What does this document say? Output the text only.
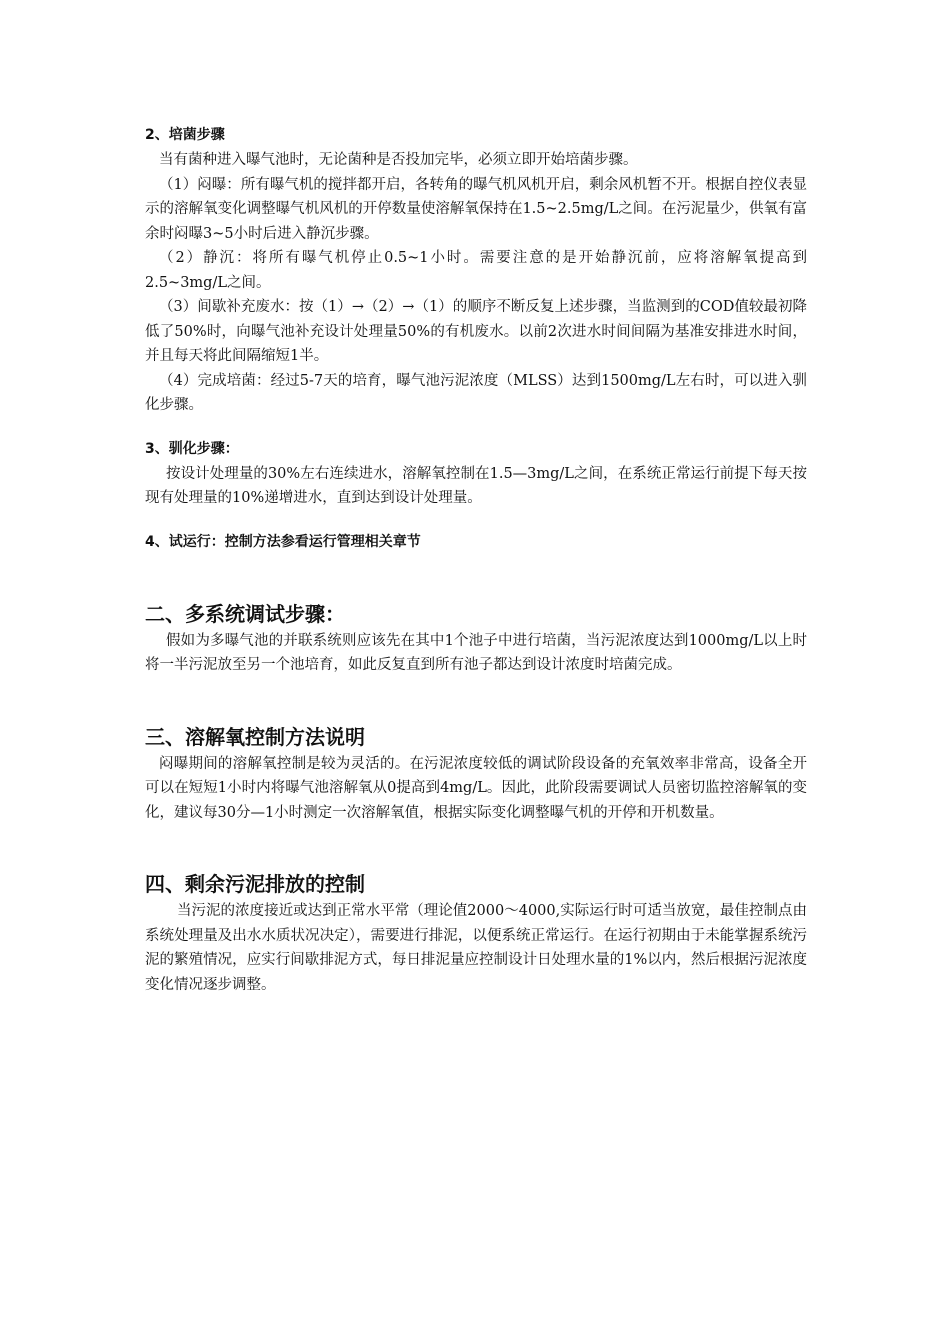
2、培菌步骤

当有菌种进入曝气池时，无论菌种是否投加完毕，必须立即开始培菌步骤。

（1）闷曝：所有曝气机的搅拌都开启，各转角的曝气机风机开启，剩余风机暂不开。根据自控仪表显示的溶解氧变化调整曝气机风机的开停数量使溶解氧保持在1.5~2.5mg/L之间。在污泥量少，供氧有富余时闷曝3~5小时后进入静沉步骤。

（2）静沉：将所有曝气机停止0.5~1小时。需要注意的是开始静沉前，应将溶解氧提高到2.5~3mg/L之间。

（3）间歇补充废水：按（1）→（2）→（1）的顺序不断反复上述步骤，当监测到的COD值较最初降低了50%时，向曝气池补充设计处理量50%的有机废水。以前2次进水时间间隔为基准安排进水时间，并且每天将此间隔缩短1半。

（4）完成培菌：经过5-7天的培育，曝气池污泥浓度（MLSS）达到1500mg/L左右时，可以进入驯化步骤。

3、驯化步骤：

按设计处理量的30%左右连续进水，溶解氧控制在1.5—3mg/L之间，在系统正常运行前提下每天按现有处理量的10%递增进水，直到达到设计处理量。

4、试运行：控制方法参看运行管理相关章节
二、多系统调试步骤：

假如为多曝气池的并联系统则应该先在其中1个池子中进行培菌，当污泥浓度达到1000mg/L以上时将一半污泥放至另一个池培育，如此反复直到所有池子都达到设计浓度时培菌完成。

三、溶解氧控制方法说明

闷曝期间的溶解氧控制是较为灵活的。在污泥浓度较低的调试阶段设备的充氧效率非常高，设备全开可以在短短1小时内将曝气池溶解氧从0提高到4mg/L。因此，此阶段需要调试人员密切监控溶解氧的变化，建议每30分—1小时测定一次溶解氧值，根据实际变化调整曝气机的开停和开机数量。

四、剩余污泥排放的控制

当污泥的浓度接近或达到正常水平常（理论值2000～4000,实际运行时可适当放宽，最佳控制点由系统处理量及出水水质状况决定），需要进行排泥，以便系统正常运行。在运行初期由于未能掌握系统污泥的繁殖情况，应实行间歇排泥方式，每日排泥量应控制设计日处理水量的1%以内，然后根据污泥浓度变化情况逐步调整。
